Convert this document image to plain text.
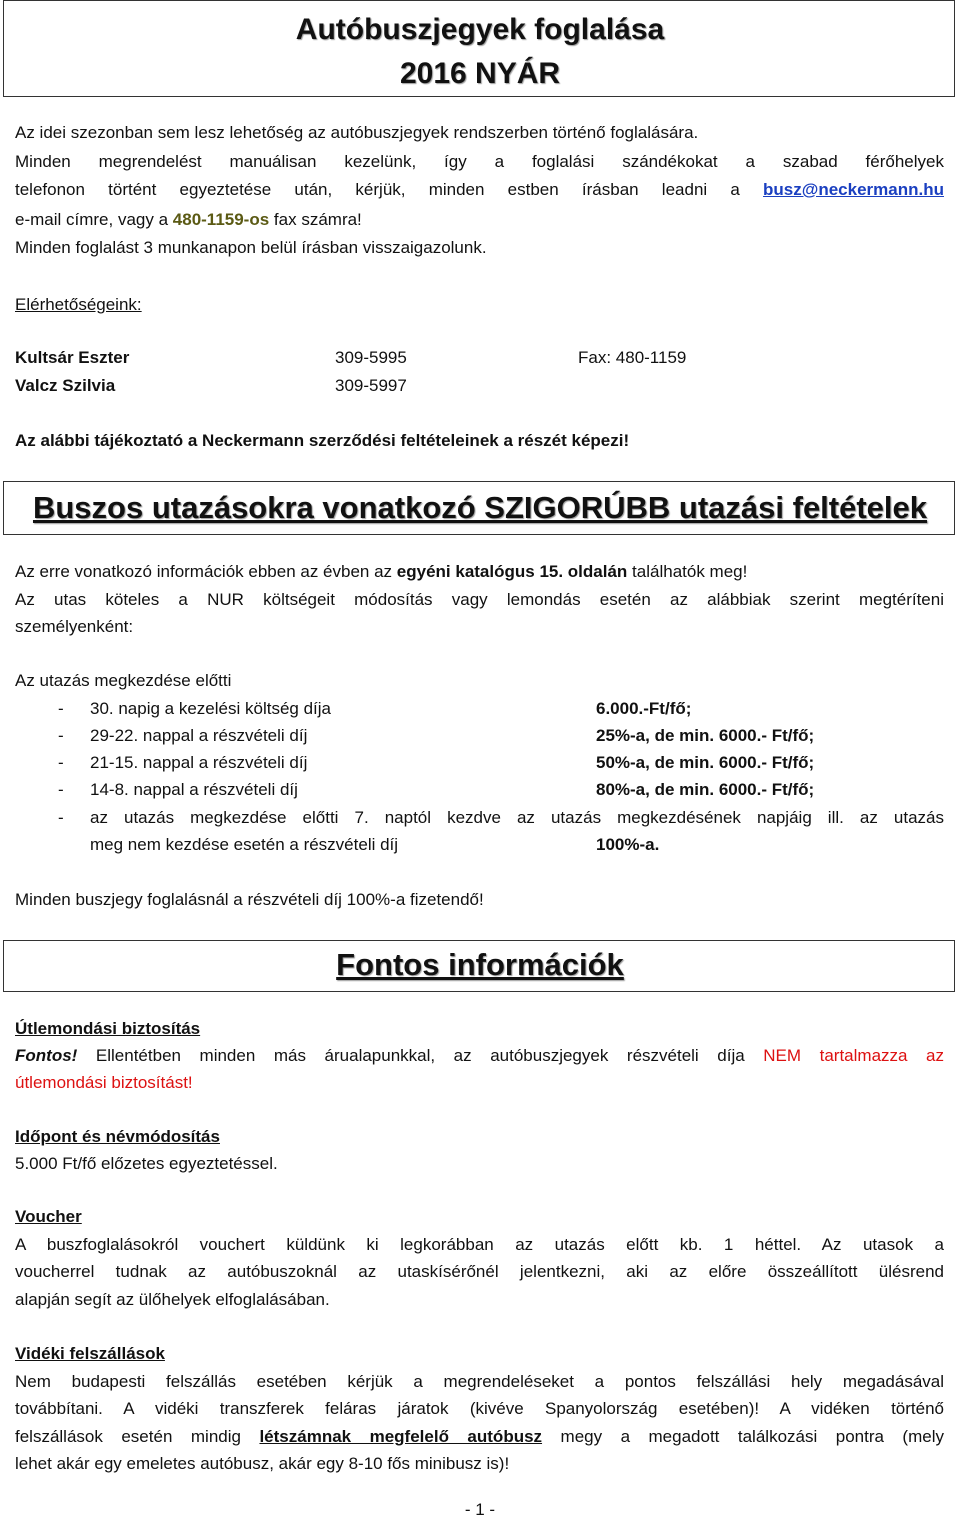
Autóbuszjegyek foglalása
2016 NYÁR
Az idei szezonban sem lesz lehetőség az autóbuszjegyek rendszerben történő foglalására.
Minden megrendelést manuálisan kezelünk, így a foglalási szándékokat a szabad férőhelyek
telefonon történt egyeztetése után, kérjük, minden estben írásban leadni a busz@neckermann.hu
e-mail címre, vagy a 480-1159-os fax számra!
Minden foglalást 3 munkanapon belül írásban visszaigazolunk.
Elérhetőségeink:
Kultsár Eszter	309-5995	Fax: 480-1159
Valcz Szilvia	309-5997
Az alábbi tájékoztató a Neckermann szerződési feltételeinek a részét képezi!
Buszos utazásokra vonatkozó SZIGORÚBB utazási feltételek
Az erre vonatkozó információk ebben az évben az egyéni katalógus 15. oldalán találhatók meg!
Az utas köteles a NUR költségeit módosítás vagy lemondás esetén az alábbiak szerint megtéríteni
személyenként:
Az utazás megkezdése előtti
- 30. napig a kezelési költség díja	6.000.-Ft/fő;
- 29-22. nappal a részvételi díj	25%-a, de min. 6000.- Ft/fő;
- 21-15. nappal a részvételi díj	50%-a, de min. 6000.- Ft/fő;
- 14-8. nappal a részvételi díj	80%-a, de min. 6000.- Ft/fő;
- az utazás megkezdése előtti 7. naptól kezdve az utazás megkezdésének napjáig ill. az utazás
meg nem kezdése esetén a részvételi díj	100%-a.
Minden buszjegy foglalásnál a részvételi díj 100%-a fizetendő!
Fontos információk
Útlemondási biztosítás
Fontos! Ellentétben minden más árualapunkkal, az autóbuszjegyek részvételi díja NEM tartalmazza az
útlemondási biztosítást!
Időpont és névmódosítás
5.000 Ft/fő előzetes egyeztetéssel.
Voucher
A buszfoglalásokról vouchert küldünk ki legkorábban az utazás előtt kb. 1 héttel. Az utasok a
voucherrel tudnak az autóbuszoknál az utaskísérőnél jelentkezni, aki az előre összeállított ülésrend
alapján segít az ülőhelyek elfoglalásában.
Vidéki felszállások
Nem budapesti felszállás esetében kérjük a megrendeléseket a pontos felszállási hely megadásával
továbbítani. A vidéki transzferek feláras járatok (kivéve Spanyolország esetében)! A vidéken történő
felszállások esetén mindig létszámnak megfelelő autóbusz megy a megadott találkozási pontra (mely
lehet akár egy emeletes autóbusz, akár egy 8-10 fős minibusz is)!
- 1 -
